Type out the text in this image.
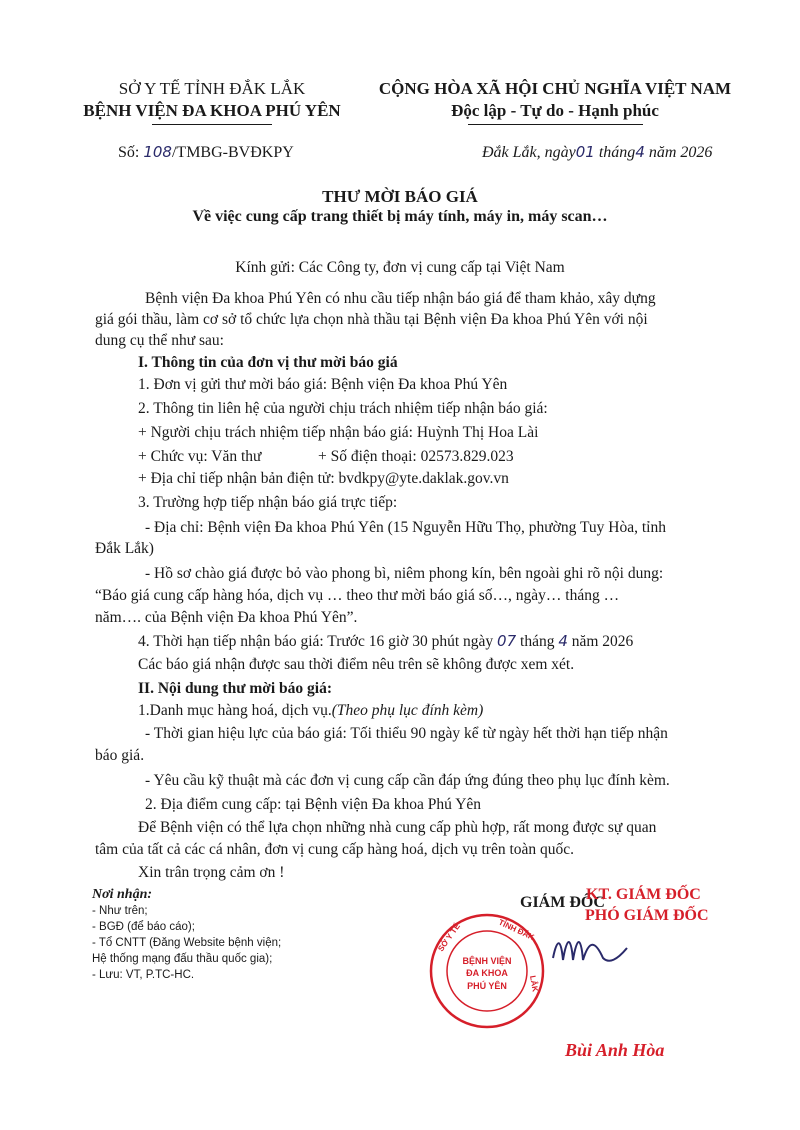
SỞ Y TẾ TỈNH ĐẮK LẮK
BỆNH VIỆN ĐA KHOA PHÚ YÊN
Số: 108/TMBG-BVĐKPY
CỘNG HÒA XÃ HỘI CHỦ NGHĨA VIỆT NAM
Độc lập - Tự do - Hạnh phúc
Đắk Lắk, ngày01 tháng4 năm 2026
THƯ MỜI BÁO GIÁ
Về việc cung cấp trang thiết bị máy tính, máy in, máy scan…
Kính gửi: Các Công ty, đơn vị cung cấp tại Việt Nam
Bệnh viện Đa khoa Phú Yên có nhu cầu tiếp nhận báo giá để tham khảo, xây dựng
giá gói thầu, làm cơ sở tổ chức lựa chọn nhà thầu tại Bệnh viện Đa khoa Phú Yên với nội
dung cụ thể như sau:
I. Thông tin của đơn vị thư mời báo giá
1. Đơn vị gửi thư mời báo giá: Bệnh viện Đa khoa Phú Yên
2. Thông tin liên hệ của người chịu trách nhiệm tiếp nhận báo giá:
+ Người chịu trách nhiệm tiếp nhận báo giá: Huỳnh Thị Hoa Lài
+ Chức vụ: Văn thư	+ Số điện thoại: 02573.829.023
+ Địa chỉ tiếp nhận bản điện tử: bvdkpy@yte.daklak.gov.vn
3. Trường hợp tiếp nhận báo giá trực tiếp:
- Địa chỉ: Bệnh viện Đa khoa Phú Yên (15 Nguyễn Hữu Thọ, phường Tuy Hòa, tỉnh
Đắk Lắk)
- Hồ sơ chào giá được bỏ vào phong bì, niêm phong kín, bên ngoài ghi rõ nội dung:
“Báo giá cung cấp hàng hóa, dịch vụ … theo thư mời báo giá số…, ngày… tháng …
năm…. của Bệnh viện Đa khoa Phú Yên”.
4. Thời hạn tiếp nhận báo giá: Trước 16 giờ 30 phút ngày 07 tháng 4 năm 2026
Các báo giá nhận được sau thời điểm nêu trên sẽ không được xem xét.
II. Nội dung thư mời báo giá:
1.Danh mục hàng hoá, dịch vụ.(Theo phụ lục đính kèm)
- Thời gian hiệu lực của báo giá: Tối thiểu 90 ngày kể từ ngày hết thời hạn tiếp nhận
báo giá.
- Yêu cầu kỹ thuật mà các đơn vị cung cấp cần đáp ứng đúng theo phụ lục đính kèm.
2. Địa điểm cung cấp: tại Bệnh viện Đa khoa Phú Yên
Để Bệnh viện có thể lựa chọn những nhà cung cấp phù hợp, rất mong được sự quan
tâm của tất cả các cá nhân, đơn vị cung cấp hàng hoá, dịch vụ trên toàn quốc.
Xin trân trọng cảm ơn !
Nơi nhận:
- Như trên;
- BGĐ (để báo cáo);
- Tổ CNTT (Đăng Website bệnh viện;
Hệ thống mạng đấu thầu quốc gia);
- Lưu: VT, P.TC-HC.
GIÁM ĐỐC
KT. GIÁM ĐỐC
PHÓ GIÁM ĐỐC
BỆNH VIỆN
ĐA KHOA
PHÚ YÊN
SỞ Y TẾ	TỈNH ĐẮK
LẮK
Bùi Anh Hòa
